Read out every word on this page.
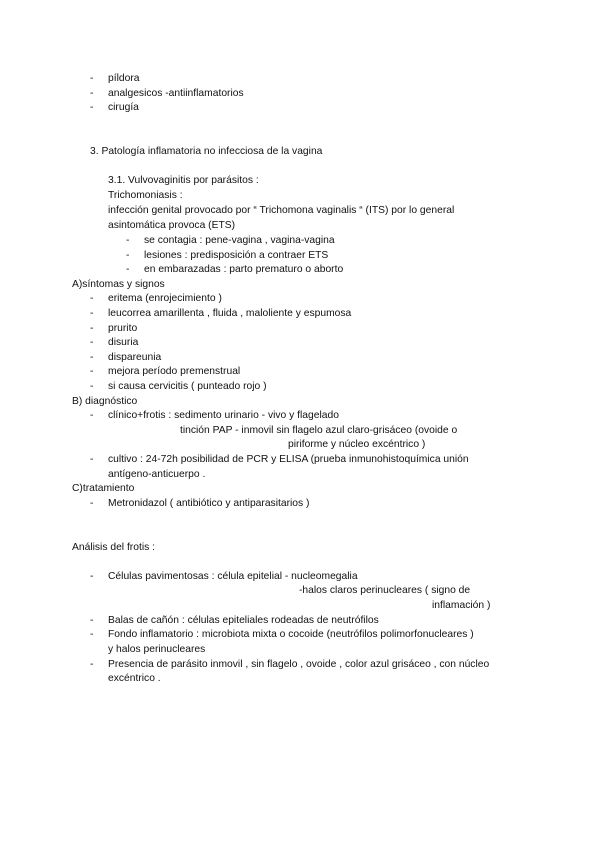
- píldora
- analgesicos -antiinflamatorios
- cirugía
3. Patología inflamatoria no infecciosa de la vagina
3.1. Vulvovaginitis por parásitos :
Trichomoniasis :
infección genital provocado por “ Trichomona vaginalis “ (ITS) por lo general
asintomática provoca (ETS)
- se contagia : pene-vagina , vagina-vagina
- lesiones : predisposición a contraer ETS
- en embarazadas : parto prematuro o aborto
A)síntomas y signos
- eritema (enrojecimiento )
- leucorrea amarillenta , fluida , maloliente y espumosa
- prurito
- disuria
- dispareunia
- mejora período premenstrual
- si causa cervicitis ( punteado rojo )
B) diagnóstico
- clínico+frotis : sedimento urinario - vivo y flagelado
tinción PAP - inmovil sin flagelo azul claro-grisáceo (ovoide o
piriforme y núcleo excéntrico )
- cultivo : 24-72h posibilidad de PCR y ELISA (prueba inmunohistoquímica unión
antígeno-anticuerpo .
C)tratamiento
- Metronidazol ( antibiótico y antiparasitarios )
Análisis del frotis :
- Células pavimentosas : célula epitelial - nucleomegalia
-halos claros perinucleares ( signo de
inflamación )
- Balas de cañón : células epiteliales rodeadas de neutrófilos
- Fondo inflamatorio : microbiota mixta o cocoide (neutrófilos polimorfonucleares )
y halos perinucleares
- Presencia de parásito inmovil , sin flagelo , ovoide , color azul grisáceo , con núcleo
excéntrico .
